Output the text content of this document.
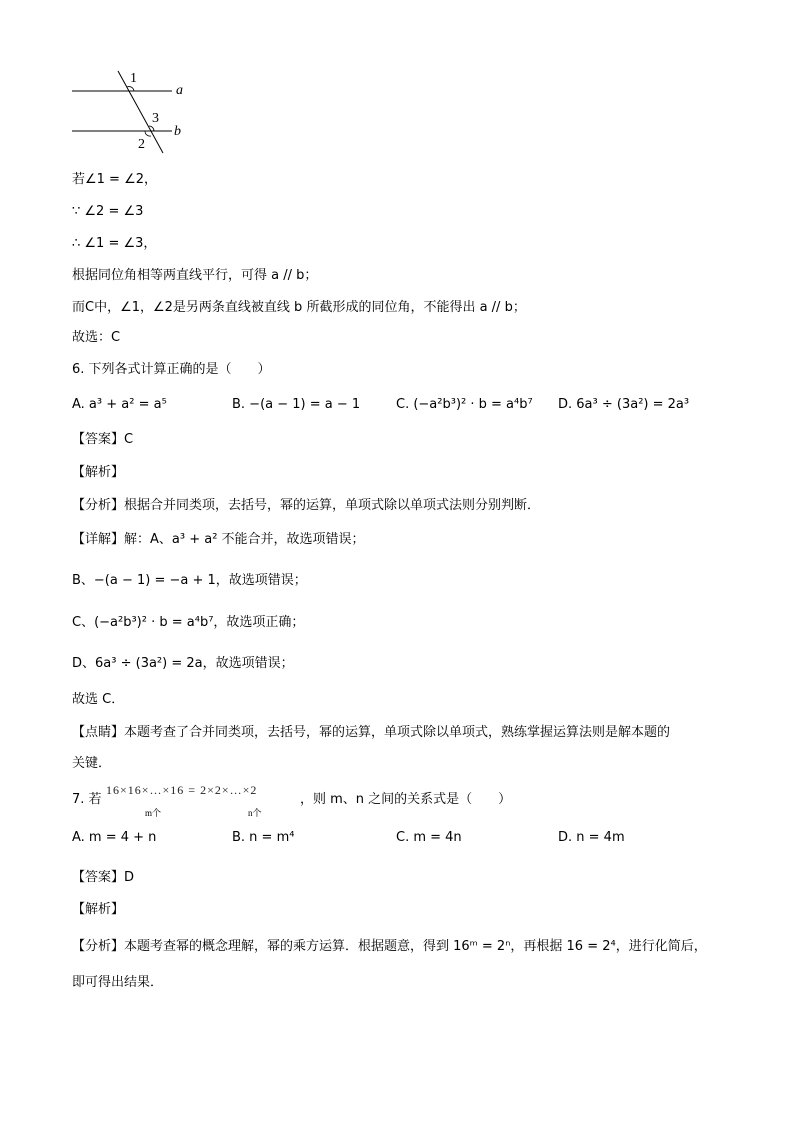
1
3
2
a
b
若∠1 = ∠2，
∵ ∠2 = ∠3
∴ ∠1 = ∠3，
根据同位角相等两直线平行，可得 a // b；
而C中，∠1，∠2是另两条直线被直线 b 所截形成的同位角，不能得出 a // b；
故选：C
6. 下列各式计算正确的是（　　）
A. a³ + a² = a⁵	B. −(a − 1) = a − 1	C. (−a²b³)² · b = a⁴b⁷ D. 6a³ ÷ (3a²) = 2a³
【答案】C
【解析】
【分析】根据合并同类项，去括号，幂的运算，单项式除以单项式法则分别判断．
【详解】解：A、a³ + a² 不能合并，故选项错误；
B、−(a − 1) = −a + 1，故选项错误；
C、(−a²b³)² · b = a⁴b⁷，故选项正确；
D、6a³ ÷ (3a²) = 2a，故选项错误；
故选 C．
【点睛】本题考查了合并同类项，去括号，幂的运算，单项式除以单项式，熟练掌握运算法则是解本题的
关键．
7. 若
16×16×…×16 = 2×2×…×2
m个	n个
，则 m、n 之间的关系式是（　　）
A. m = 4 + n	B. n = m⁴	C. m = 4n	D. n = 4m
【答案】D
【解析】
【分析】本题考查幂的概念理解，幂的乘方运算．根据题意，得到 16ᵐ = 2ⁿ，再根据 16 = 2⁴，进行化简后，
即可得出结果．
